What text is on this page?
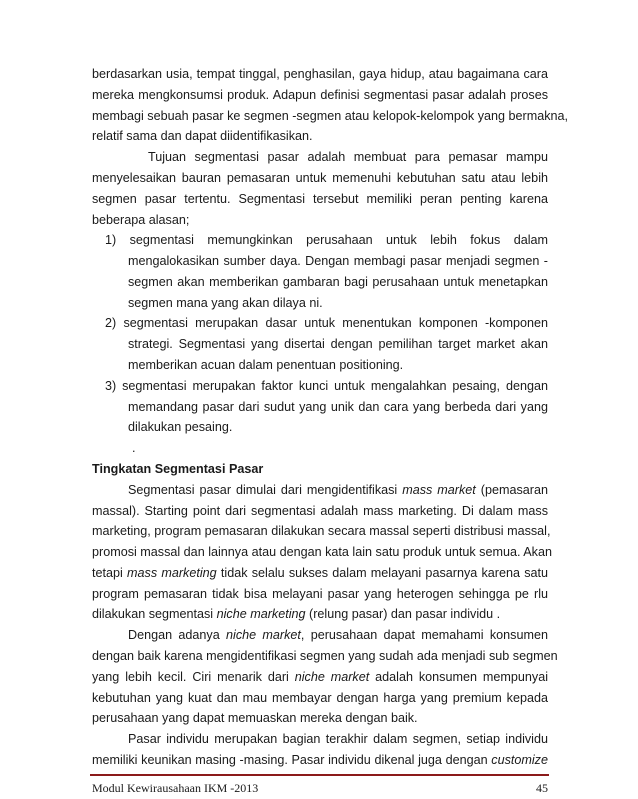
berdasarkan usia, tempat tinggal, penghasilan, gaya hidup, atau bagaimana cara
mereka mengkonsumsi produk. Adapun definisi segmentasi pasar adalah proses
membagi sebuah pasar ke segmen -segmen atau kelopok-kelompok yang bermakna,
relatif sama dan dapat diidentifikasikan.
Tujuan segmentasi pasar adalah membuat para pemasar mampu
menyelesaikan bauran pemasaran untuk memenuhi kebutuhan satu atau lebih
segmen pasar tertentu. Segmentasi tersebut memiliki peran penting karena
beberapa alasan;
1) segmentasi memungkinkan perusahaan untuk lebih fokus dalam
mengalokasikan sumber daya. Dengan membagi pasar menjadi segmen -
segmen akan memberikan gambaran bagi perusahaan untuk menetapkan
segmen mana yang akan dilaya ni.
2) segmentasi merupakan dasar untuk menentukan komponen -komponen
strategi. Segmentasi yang disertai dengan pemilihan target market akan
memberikan acuan dalam penentuan positioning.
3) segmentasi merupakan faktor kunci untuk mengalahkan pesaing, dengan
memandang pasar dari sudut yang unik dan cara yang berbeda dari yang
dilakukan pesaing.
.
Tingkatan Segmentasi Pasar
Segmentasi pasar dimulai dari mengidentifikasi mass market (pemasaran
massal). Starting point dari segmentasi adalah mass marketing. Di dalam mass
marketing, program pemasaran dilakukan secara massal seperti distribusi massal,
promosi massal dan lainnya atau dengan kata lain satu produk untuk semua. Akan
tetapi mass marketing tidak selalu sukses dalam melayani pasarnya karena satu
program pemasaran tidak bisa melayani pasar yang heterogen sehingga pe rlu
dilakukan segmentasi niche marketing (relung pasar) dan pasar individu .
Dengan adanya niche market, perusahaan dapat memahami konsumen
dengan baik karena mengidentifikasi segmen yang sudah ada menjadi sub segmen
yang lebih kecil. Ciri menarik dari niche market adalah konsumen mempunyai
kebutuhan yang kuat dan mau membayar dengan harga yang premium kepada
perusahaan yang dapat memuaskan mereka dengan baik.
Pasar individu merupakan bagian terakhir dalam segmen, setiap individu
memiliki keunikan masing -masing. Pasar individu dikenal juga dengan customize
Modul Kewirausahaan IKM -2013	45
